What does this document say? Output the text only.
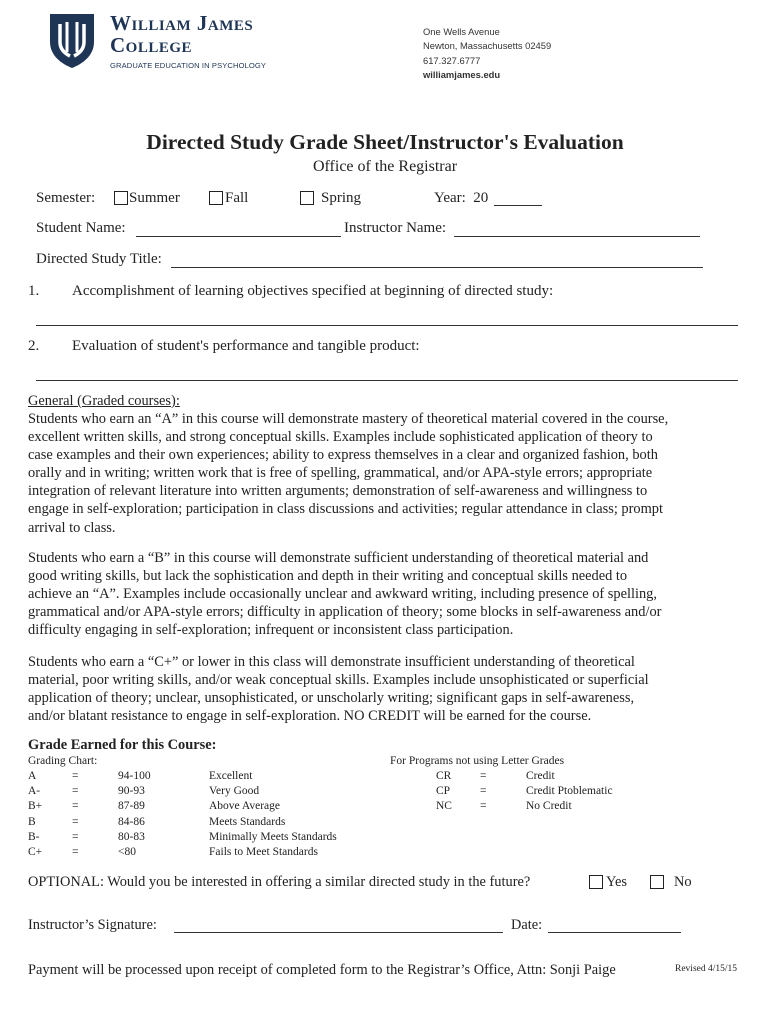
William James
College
GRADUATE EDUCATION IN PSYCHOLOGY
One Wells Avenue
Newton, Massachusetts 02459
617.327.6777
williamjames.edu
Directed Study Grade Sheet/Instructor's Evaluation
Office of the Registrar
Semester: Summer	Fall	Spring	Year:  20
Student Name:	Instructor Name:
Directed Study Title:
1. Accomplishment of learning objectives specified at beginning of directed study:
2. Evaluation of student's performance and tangible product:
General (Graded courses):
Students who earn an “A” in this course will demonstrate mastery of theoretical material covered in the course,
excellent written skills, and strong conceptual skills. Examples include sophisticated application of theory to
case examples and their own experiences; ability to express themselves in a clear and organized fashion, both
orally and in writing; written work that is free of spelling, grammatical, and/or APA-style errors; appropriate
integration of relevant literature into written arguments; demonstration of self-awareness and willingness to
engage in self-exploration; participation in class discussions and activities; regular attendance in class; prompt
arrival to class.
Students who earn a “B” in this course will demonstrate sufficient understanding of theoretical material and
good writing skills, but lack the sophistication and depth in their writing and conceptual skills needed to
achieve an “A”. Examples include occasionally unclear and awkward writing, including presence of spelling,
grammatical and/or APA-style errors; difficulty in application of theory; some blocks in self-awareness and/or
difficulty engaging in self-exploration; infrequent or inconsistent class participation.
Students who earn a “C+” or lower in this class will demonstrate insufficient understanding of theoretical
material, poor writing skills, and/or weak conceptual skills. Examples include unsophisticated or superficial
application of theory; unclear, unsophisticated, or unscholarly writing; significant gaps in self-awareness,
and/or blatant resistance to engage in self-exploration. NO CREDIT will be earned for the course.
Grade Earned for this Course:
Grading Chart:
A	=	94-100	Excellent
A-	=	90-93	Very Good
B+	=	87-89	Above Average
B	=	84-86	Meets Standards
B-	=	80-83	Minimally Meets Standards
C+	=	<80	Fails to Meet Standards
For Programs not using Letter Grades
CR =	Credit
CP	=	Credit Ptoblematic
NC =	No Credit
OPTIONAL: Would you be interested in offering a similar directed study in the future?	Yes	No
Instructor’s Signature:	Date:
Payment will be processed upon receipt of completed form to the Registrar’s Office, Attn: Sonji Paige	Revised 4/15/15
